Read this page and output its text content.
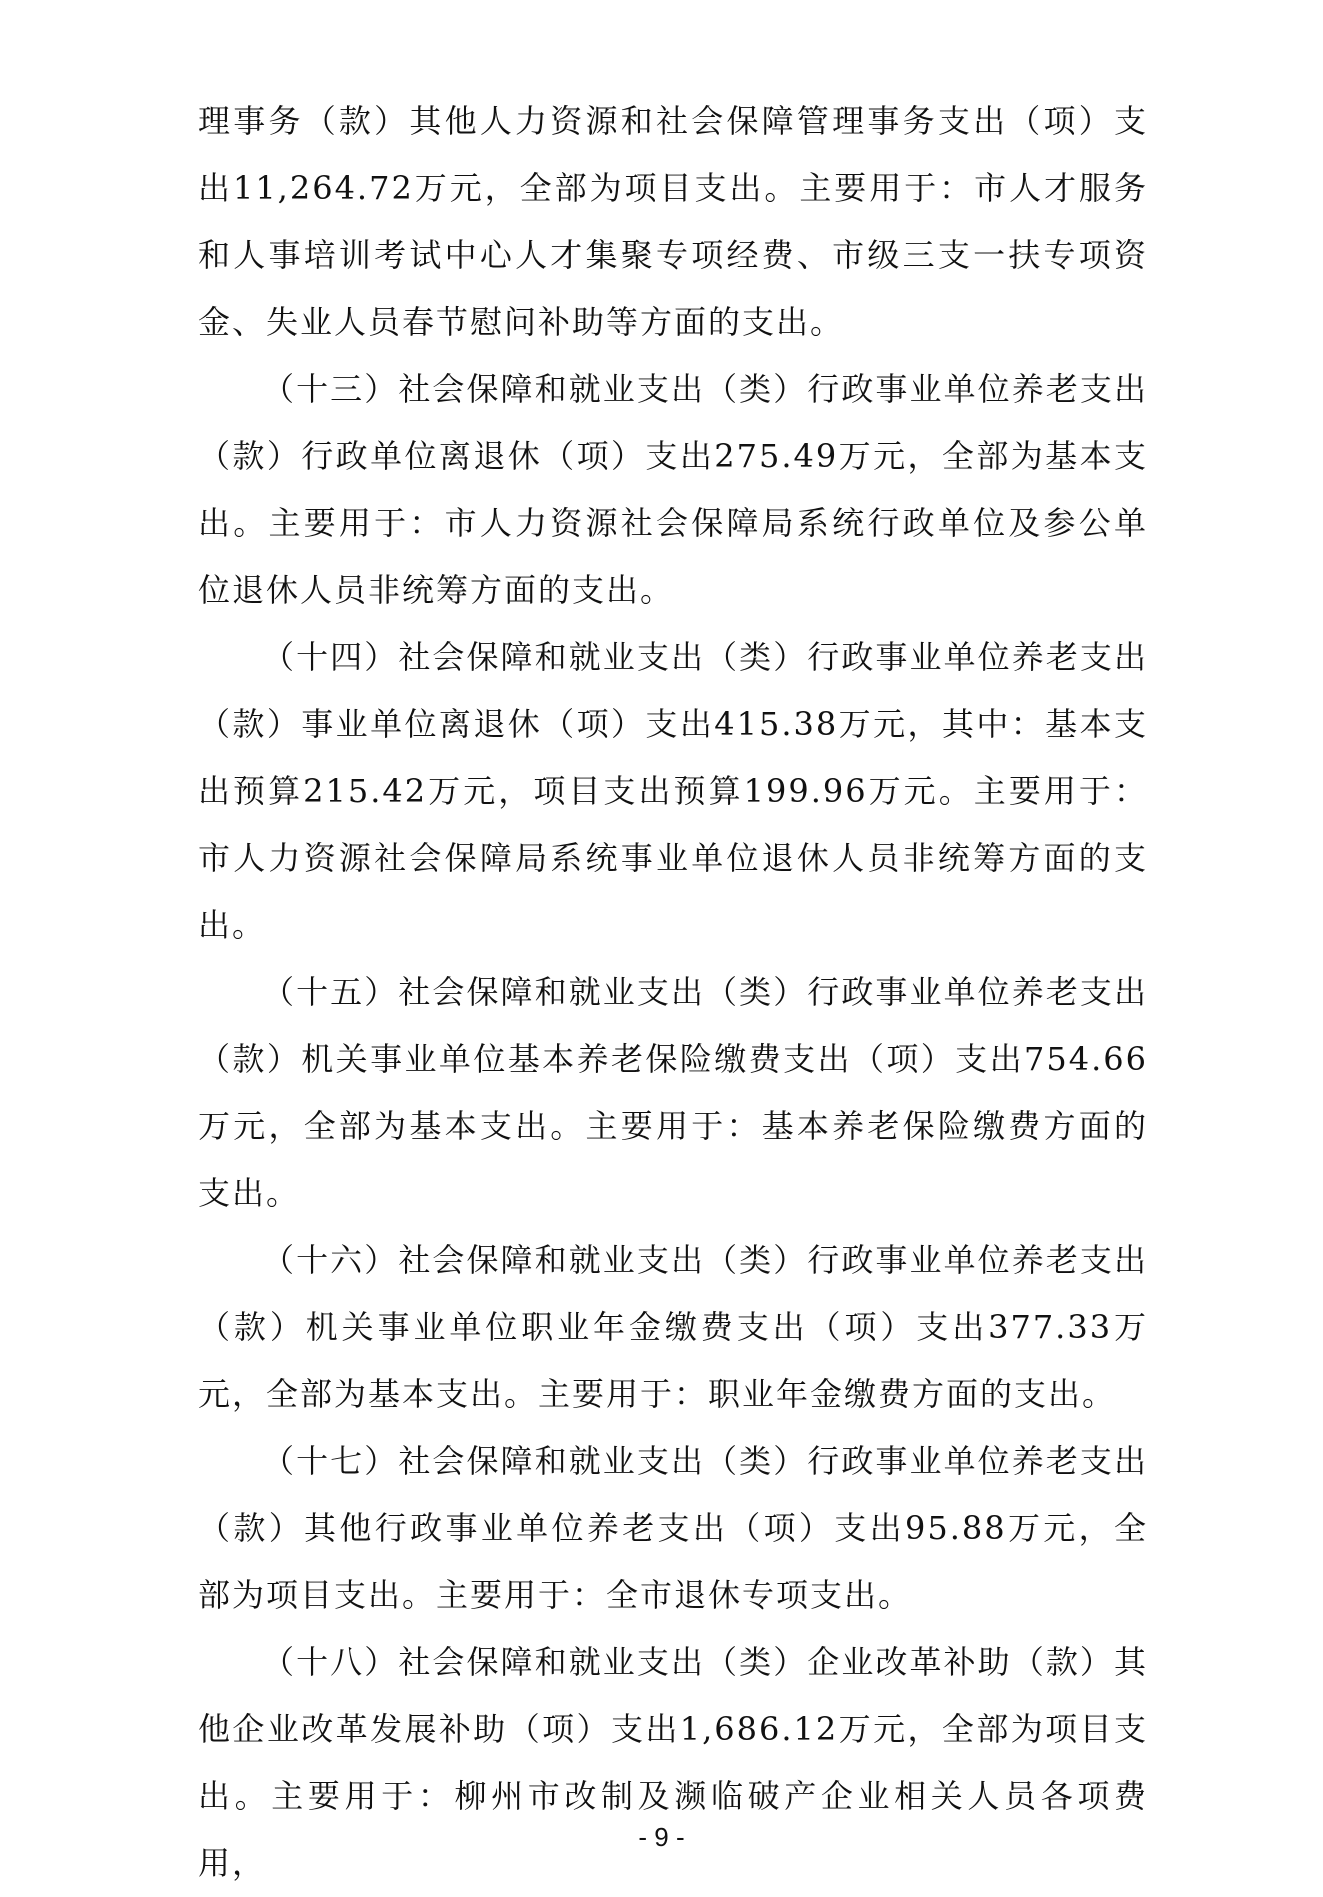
理事务（款）其他人力资源和社会保障管理事务支出（项）支出11,264.72万元，全部为项目支出。主要用于：市人才服务和人事培训考试中心人才集聚专项经费、市级三支一扶专项资金、失业人员春节慰问补助等方面的支出。

（十三）社会保障和就业支出（类）行政事业单位养老支出（款）行政单位离退休（项）支出275.49万元，全部为基本支出。主要用于：市人力资源社会保障局系统行政单位及参公单位退休人员非统筹方面的支出。

（十四）社会保障和就业支出（类）行政事业单位养老支出（款）事业单位离退休（项）支出415.38万元，其中：基本支出预算215.42万元，项目支出预算199.96万元。主要用于：市人力资源社会保障局系统事业单位退休人员非统筹方面的支出。

（十五）社会保障和就业支出（类）行政事业单位养老支出（款）机关事业单位基本养老保险缴费支出（项）支出754.66万元，全部为基本支出。主要用于：基本养老保险缴费方面的支出。

（十六）社会保障和就业支出（类）行政事业单位养老支出（款）机关事业单位职业年金缴费支出（项）支出377.33万元，全部为基本支出。主要用于：职业年金缴费方面的支出。

（十七）社会保障和就业支出（类）行政事业单位养老支出（款）其他行政事业单位养老支出（项）支出95.88万元，全部为项目支出。主要用于：全市退休专项支出。

（十八）社会保障和就业支出（类）企业改革补助（款）其他企业改革发展补助（项）支出1,686.12万元，全部为项目支出。主要用于：柳州市改制及濒临破产企业相关人员各项费用，

- 9 -
